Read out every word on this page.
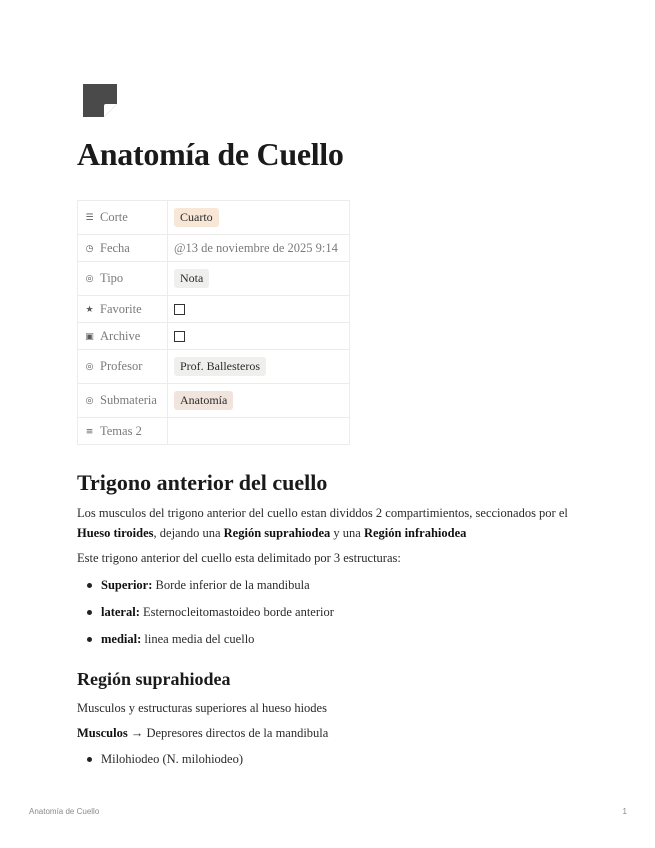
Anatomía de Cuello
☰ Corte	Cuarto
◷ Fecha	@13 de noviembre de 2025 9:14
◎ Tipo	Nota
★ Favorite	
▣ Archive	
◎ Profesor	Prof. Ballesteros
◎ Submateria	Anatomía
≡ Temas 2	
Trigono anterior del cuello

Los musculos del trigono anterior del cuello estan dividdos 2 compartimientos, seccionados por el Hueso tiroides, dejando una Región suprahiodea y una Región infrahiodea

Este trigono anterior del cuello esta delimitado por 3 estructuras:

Superior: Borde inferior de la mandibula
lateral: Esternocleitomastoideo borde anterior
medial: linea media del cuello
Región suprahiodea

Musculos y estructuras superiores al hueso hiodes

Musculos → Depresores directos de la mandibula

Milohiodeo (N. milohiodeo)
Anatomía de Cuello	1
